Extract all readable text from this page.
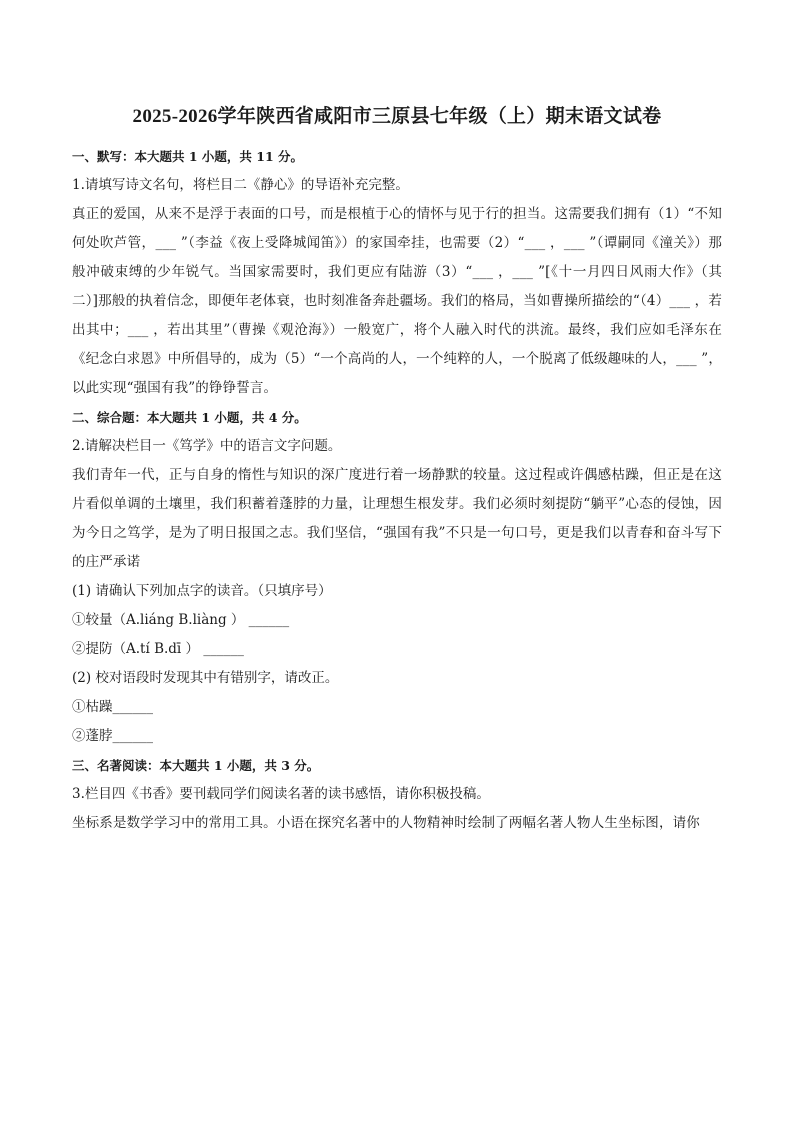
2025-2026学年陕西省咸阳市三原县七年级（上）期末语文试卷

一、默写：本大题共 1 小题，共 11 分。

1.请填写诗文名句，将栏目二《静心》的导语补充完整。

真正的爱国，从来不是浮于表面的口号，而是根植于心的情怀与见于行的担当。这需要我们拥有（1）“不知何处吹芦管，___ ”（李益《夜上受降城闻笛》）的家国牵挂，也需要（2）“___ ，___ ”（谭嗣同《潼关》）那般冲破束缚的少年锐气。当国家需要时，我们更应有陆游（3）“___ ，___ ”[《十一月四日风雨大作》（其二）]那般的执着信念，即便年老体衰，也时刻准备奔赴疆场。我们的格局，当如曹操所描绘的“（4）___ ，若出其中；___ ，若出其里”（曹操《观沧海》）一般宽广，将个人融入时代的洪流。最终，我们应如毛泽东在《纪念白求恩》中所倡导的，成为（5）“一个高尚的人，一个纯粹的人，一个脱离了低级趣味的人，___ ”，以此实现“强国有我”的铮铮誓言。

二、综合题：本大题共 1 小题，共 4 分。

2.请解决栏目一《笃学》中的语言文字问题。

我们青年一代，正与自身的惰性与知识的深广度进行着一场静默的较量。这过程或许偶感枯躁，但正是在这片看似单调的土壤里，我们积蓄着蓬脖的力量，让理想生根发芽。我们必须时刻提防“躺平”心态的侵蚀，因为今日之笃学，是为了明日报国之志。我们坚信，“强国有我”不只是一句口号，更是我们以青春和奋斗写下的庄严承诺

(1) 请确认下列加点字的读音。（只填序号）

①较量（A.liáng B.liàng ） ______

②提防（A.tí B.dī ） ______

(2) 校对语段时发现其中有错别字，请改正。

①枯躁______

②蓬脖______

三、名著阅读：本大题共 1 小题，共 3 分。

3.栏目四《书香》要刊载同学们阅读名著的读书感悟，请你积极投稿。

坐标系是数学学习中的常用工具。小语在探究名著中的人物精神时绘制了两幅名著人物人生坐标图，请你
